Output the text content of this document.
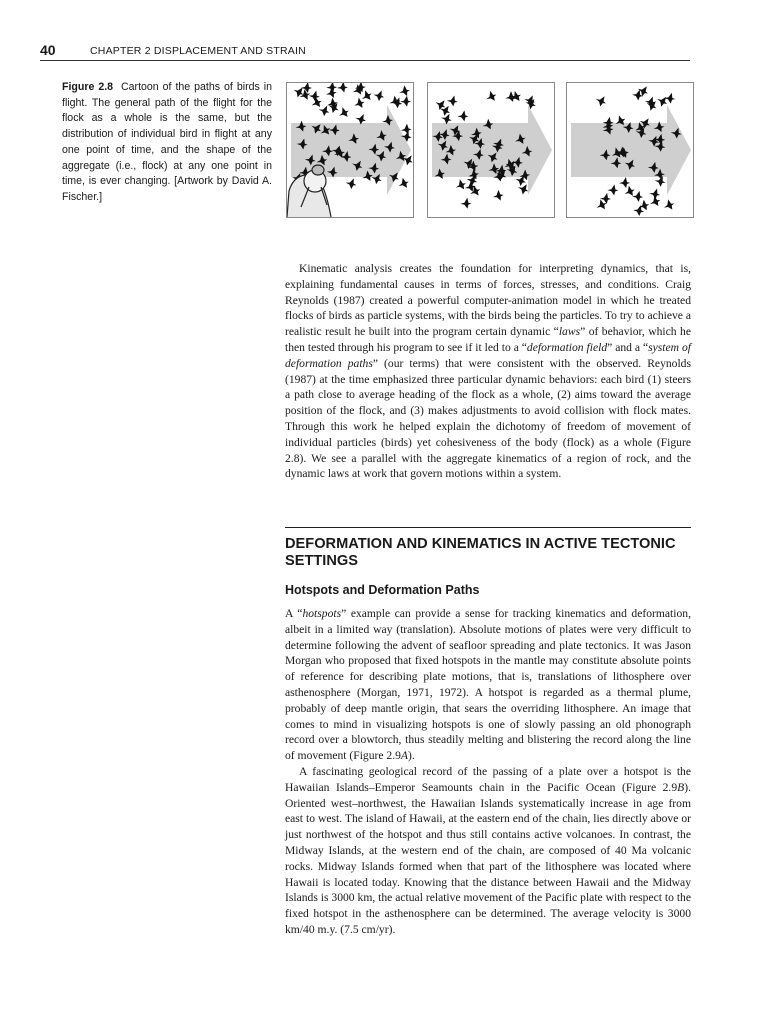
40	CHAPTER 2 DISPLACEMENT AND STRAIN
Figure 2.8 Cartoon of the paths of birds in flight. The general path of the flight for the flock as a whole is the same, but the distribution of individual bird in flight at any one point of time, and the shape of the aggregate (i.e., flock) at any one point in time, is ever changing. [Artwork by David A. Fischer.]

Kinematic analysis creates the foundation for interpreting dynamics, that is, explaining fundamental causes in terms of forces, stresses, and conditions. Craig Reynolds (1987) created a powerful computer-animation model in which he treated flocks of birds as particle systems, with the birds being the particles. To try to achieve a realistic result he built into the program certain dynamic “laws” of behavior, which he then tested through his program to see if it led to a “deformation field” and a “system of deformation paths” (our terms) that were consistent with the observed. Reynolds (1987) at the time emphasized three particular dynamic behaviors: each bird (1) steers a path close to average heading of the flock as a whole, (2) aims toward the average position of the flock, and (3) makes adjustments to avoid collision with flock mates. Through this work he helped explain the dichotomy of freedom of movement of individual particles (birds) yet cohesiveness of the body (flock) as a whole (Figure 2.8). We see a parallel with the aggregate kinematics of a region of rock, and the dynamic laws at work that govern motions within a system.

DEFORMATION AND KINEMATICS IN ACTIVE TECTONIC SETTINGS
Hotspots and Deformation Paths

A “hotspots” example can provide a sense for tracking kinematics and deformation, albeit in a limited way (translation). Absolute motions of plates were very difficult to determine following the advent of seafloor spreading and plate tectonics. It was Jason Morgan who proposed that fixed hotspots in the mantle may constitute absolute points of reference for describing plate motions, that is, translations of lithosphere over asthenosphere (Morgan, 1971, 1972). A hotspot is regarded as a thermal plume, probably of deep mantle origin, that sears the overriding lithosphere. An image that comes to mind in visualizing hotspots is one of slowly passing an old phonograph record over a blowtorch, thus steadily melting and blistering the record along the line of movement (Figure 2.9A).

A fascinating geological record of the passing of a plate over a hotspot is the Hawaiian Islands–Emperor Seamounts chain in the Pacific Ocean (Figure 2.9B). Oriented west–northwest, the Hawaiian Islands systematically increase in age from east to west. The island of Hawaii, at the eastern end of the chain, lies directly above or just northwest of the hotspot and thus still contains active volcanoes. In contrast, the Midway Islands, at the western end of the chain, are composed of 40 Ma volcanic rocks. Midway Islands formed when that part of the lithosphere was located where Hawaii is located today. Knowing that the distance between Hawaii and the Midway Islands is 3000 km, the actual relative movement of the Pacific plate with respect to the fixed hotspot in the asthenosphere can be determined. The average velocity is 3000 km/40 m.y. (7.5 cm/yr).
